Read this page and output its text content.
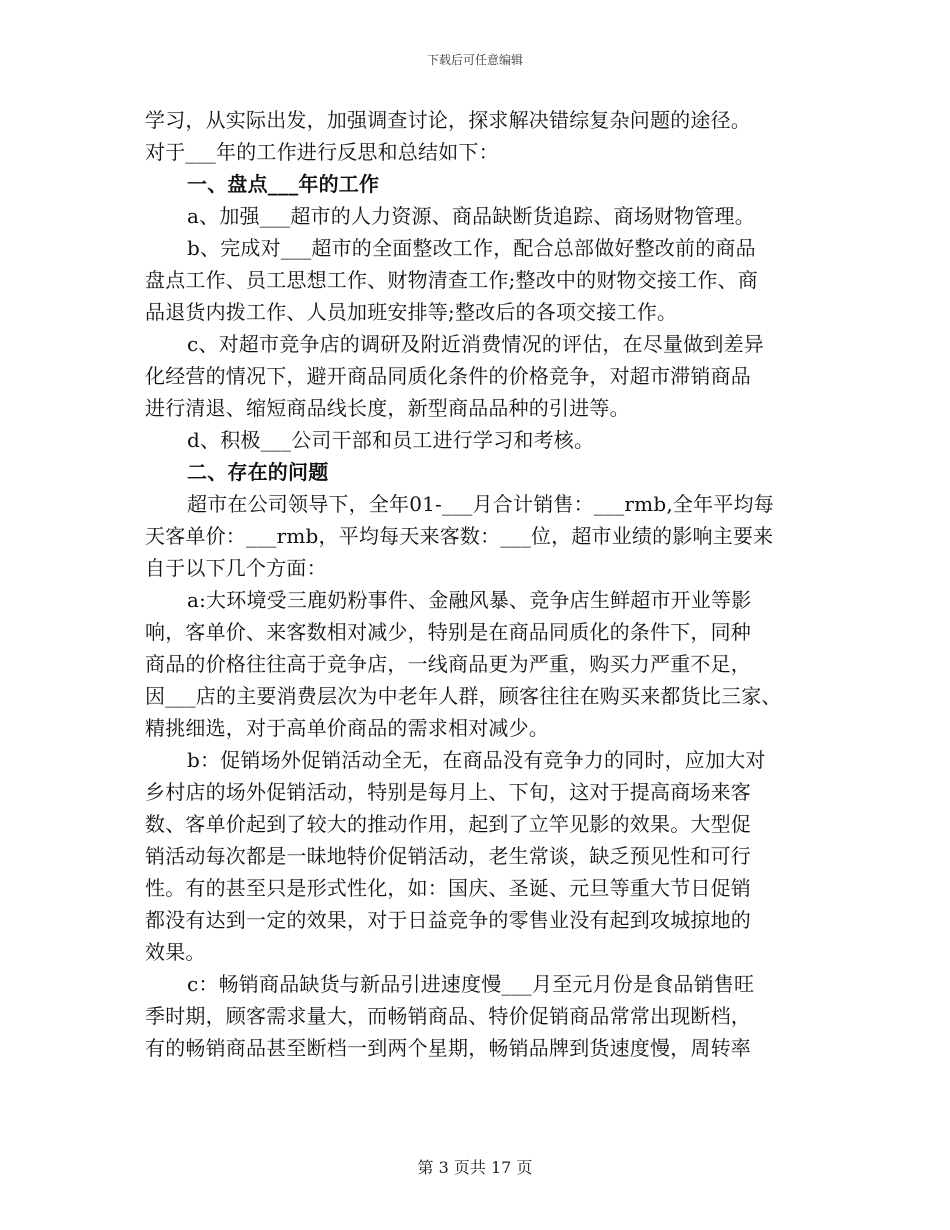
下载后可任意编辑
学习，从实际出发，加强调查讨论，探求解决错综复杂问题的途径。
对于___年的工作进行反思和总结如下：
一、盘点___年的工作
a、加强___超市的人力资源、商品缺断货追踪、商场财物管理。
b、完成对___超市的全面整改工作，配合总部做好整改前的商品
盘点工作、员工思想工作、财物清查工作;整改中的财物交接工作、商
品退货内拨工作、人员加班安排等;整改后的各项交接工作。
c、对超市竞争店的调研及附近消费情况的评估，在尽量做到差异
化经营的情况下，避开商品同质化条件的价格竞争，对超市滞销商品
进行清退、缩短商品线长度，新型商品品种的引进等。
d、积极___公司干部和员工进行学习和考核。
二、存在的问题
超市在公司领导下，全年01-___月合计销售：___rmb,全年平均每
天客单价：___rmb，平均每天来客数：___位，超市业绩的影响主要来
自于以下几个方面：
a:大环境受三鹿奶粉事件、金融风暴、竞争店生鲜超市开业等影
响，客单价、来客数相对减少，特别是在商品同质化的条件下，同种
商品的价格往往高于竞争店，一线商品更为严重，购买力严重不足，
因___店的主要消费层次为中老年人群，顾客往往在购买来都货比三家、
精挑细选，对于高单价商品的需求相对减少。
b：促销场外促销活动全无，在商品没有竞争力的同时，应加大对
乡村店的场外促销活动，特别是每月上、下旬，这对于提高商场来客
数、客单价起到了较大的推动作用，起到了立竿见影的效果。大型促
销活动每次都是一昧地特价促销活动，老生常谈，缺乏预见性和可行
性。有的甚至只是形式性化，如：国庆、圣诞、元旦等重大节日促销
都没有达到一定的效果，对于日益竞争的零售业没有起到攻城掠地的
效果。
c：畅销商品缺货与新品引进速度慢___月至元月份是食品销售旺
季时期，顾客需求量大，而畅销商品、特价促销商品常常出现断档，
有的畅销商品甚至断档一到两个星期，畅销品牌到货速度慢，周转率
第 3 页共 17 页
